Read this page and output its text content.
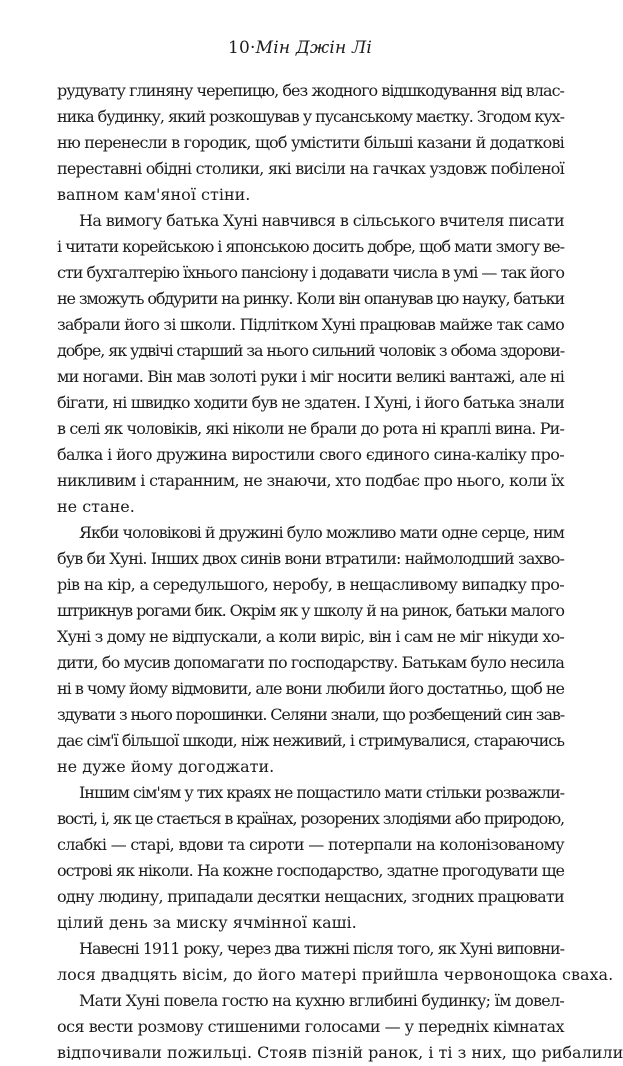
10·Мін Джін Лі
рудувату глиняну черепицю, без жодного відшкодування від влас-
ника будинку, який розкошував у пусанському маєтку. Згодом кух-
ню перенесли в городик, щоб умістити більші казани й додаткові
переставні обідні столики, які висіли на гачках уздовж побіленої
вапном кам'яної стіни.
На вимогу батька Хуні навчився в сільського вчителя писати
і читати корейською і японською досить добре, щоб мати змогу ве-
сти бухгалтерію їхнього пансіону і додавати числа в умі — так його
не зможуть обдурити на ринку. Коли він опанував цю науку, батьки
забрали його зі школи. Підлітком Хуні працював майже так само
добре, як удвічі старший за нього сильний чоловік з обома здорови-
ми ногами. Він мав золоті руки і міг носити великі вантажі, але ні
бігати, ні швидко ходити був не здатен. І Хуні, і його батька знали
в селі як чоловіків, які ніколи не брали до рота ні краплі вина. Ри-
балка і його дружина виростили свого єдиного сина-каліку про-
никливим і старанним, не знаючи, хто подбає про нього, коли їх
не стане.
Якби чоловікові й дружині було можливо мати одне серце, ним
був би Хуні. Інших двох синів вони втратили: наймолодший захво-
рів на кір, а середульшого, неробу, в нещасливому випадку про-
штрикнув рогами бик. Окрім як у школу й на ринок, батьки малого
Хуні з дому не відпускали, а коли виріс, він і сам не міг нікуди хо-
дити, бо мусив допомагати по господарству. Батькам було несила
ні в чому йому відмовити, але вони любили його достатньо, щоб не
здувати з нього порошинки. Селяни знали, що розбещений син зав-
дає сім'ї більшої шкоди, ніж неживий, і стримувалися, стараючись
не дуже йому догоджати.
Іншим сім'ям у тих краях не пощастило мати стільки розважли-
вості, і, як це стається в країнах, розорених злодіями або природою,
слабкі — старі, вдови та сироти — потерпали на колонізованому
острові як ніколи. На кожне господарство, здатне прогодувати ще
одну людину, припадали десятки нещасних, згодних працювати
цілий день за миску ячмінної каші.
Навесні 1911 року, через два тижні після того, як Хуні виповни-
лося двадцять вісім, до його матері прийшла червонощока сваха.
Мати Хуні повела гостю на кухню вглибині будинку; їм довел-
ося вести розмову стишеними голосами — у передніх кімнатах
відпочивали пожильці. Стояв пізній ранок, і ті з них, що рибалили
